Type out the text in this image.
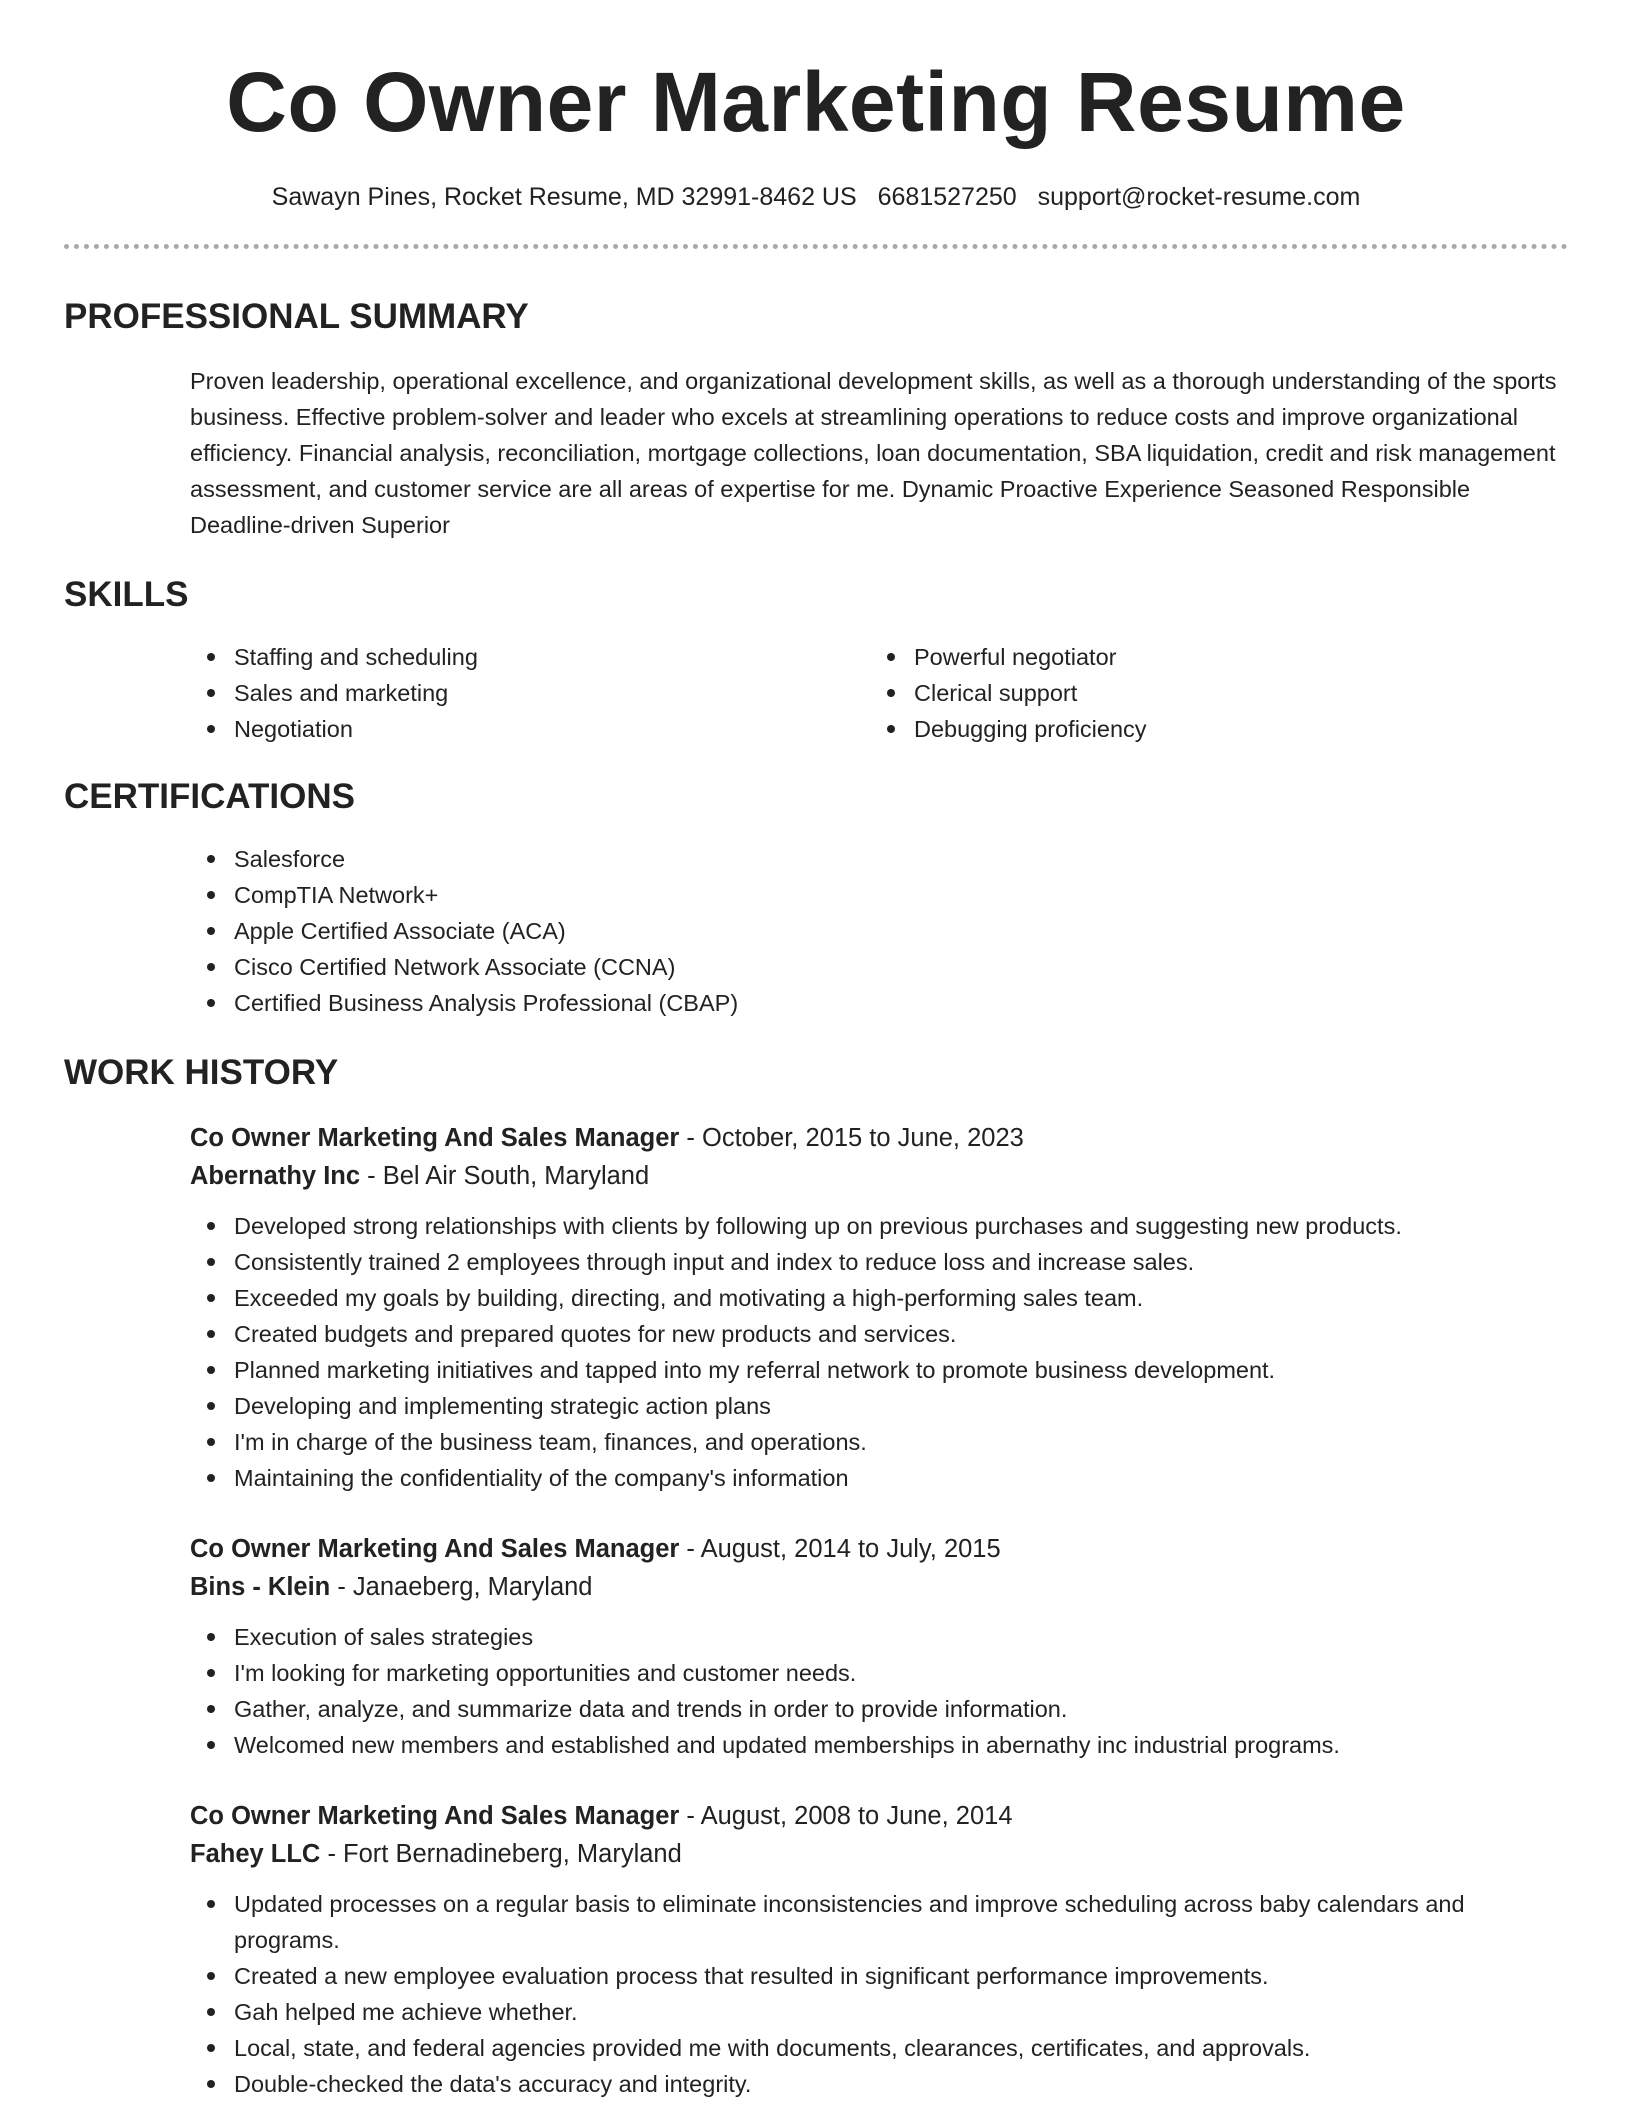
Co Owner Marketing Resume
Sawayn Pines, Rocket Resume, MD 32991-8462 US 6681527250 support@rocket-resume.com
PROFESSIONAL SUMMARY

Proven leadership, operational excellence, and organizational development skills, as well as a thorough understanding of the sports business. Effective problem-solver and leader who excels at streamlining operations to reduce costs and improve organizational efficiency. Financial analysis, reconciliation, mortgage collections, loan documentation, SBA liquidation, credit and risk management assessment, and customer service are all areas of expertise for me. Dynamic Proactive Experience Seasoned Responsible Deadline-driven Superior

SKILLS
Staffing and scheduling
Sales and marketing
Negotiation
Powerful negotiator
Clerical support
Debugging proficiency
CERTIFICATIONS
Salesforce
CompTIA Network+
Apple Certified Associate (ACA)
Cisco Certified Network Associate (CCNA)
Certified Business Analysis Professional (CBAP)
WORK HISTORY
Co Owner Marketing And Sales Manager - October, 2015 to June, 2023
Abernathy Inc - Bel Air South, Maryland
Developed strong relationships with clients by following up on previous purchases and suggesting new products.
Consistently trained 2 employees through input and index to reduce loss and increase sales.
Exceeded my goals by building, directing, and motivating a high-performing sales team.
Created budgets and prepared quotes for new products and services.
Planned marketing initiatives and tapped into my referral network to promote business development.
Developing and implementing strategic action plans
I'm in charge of the business team, finances, and operations.
Maintaining the confidentiality of the company's information
Co Owner Marketing And Sales Manager - August, 2014 to July, 2015
Bins - Klein - Janaeberg, Maryland
Execution of sales strategies
I'm looking for marketing opportunities and customer needs.
Gather, analyze, and summarize data and trends in order to provide information.
Welcomed new members and established and updated memberships in abernathy inc industrial programs.
Co Owner Marketing And Sales Manager - August, 2008 to June, 2014
Fahey LLC - Fort Bernadineberg, Maryland
Updated processes on a regular basis to eliminate inconsistencies and improve scheduling across baby calendars and programs.
Created a new employee evaluation process that resulted in significant performance improvements.
Gah helped me achieve whether.
Local, state, and federal agencies provided me with documents, clearances, certificates, and approvals.
Double-checked the data's accuracy and integrity.
